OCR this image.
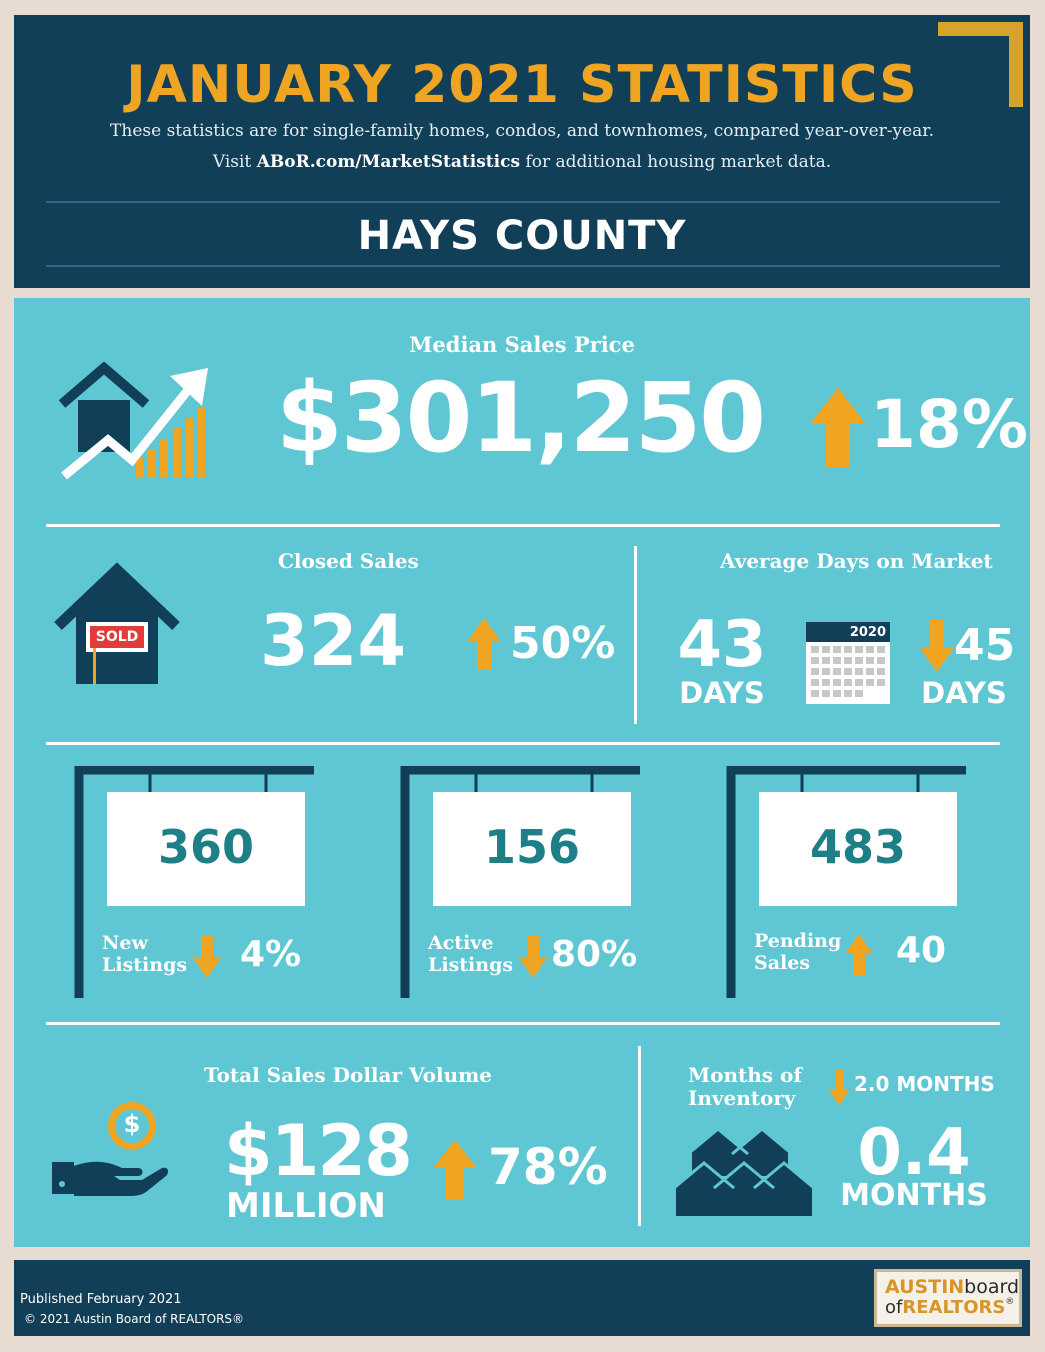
JANUARY 2021 STATISTICS
These statistics are for single-family homes, condos, and townhomes, compared year-over-year.
Visit ABoR.com/MarketStatistics for additional housing market data.
HAYS COUNTY
Median Sales Price
$301,250 18%
Closed Sales
SOLD 324 50%
Average Days on Market
43
DAYS
2020 45
DAYS
360
New
Listings 4%
156
Active
Listings 80%
483
Pending
Sales 40
Total Sales Dollar Volume
$ $128
MILLION
78%
Months of
Inventory
2.0 MONTHS
0.4
MONTHS
Published February 2021
© 2021 Austin Board of REALTORS®
AUSTINboard
ofREALTORS®
